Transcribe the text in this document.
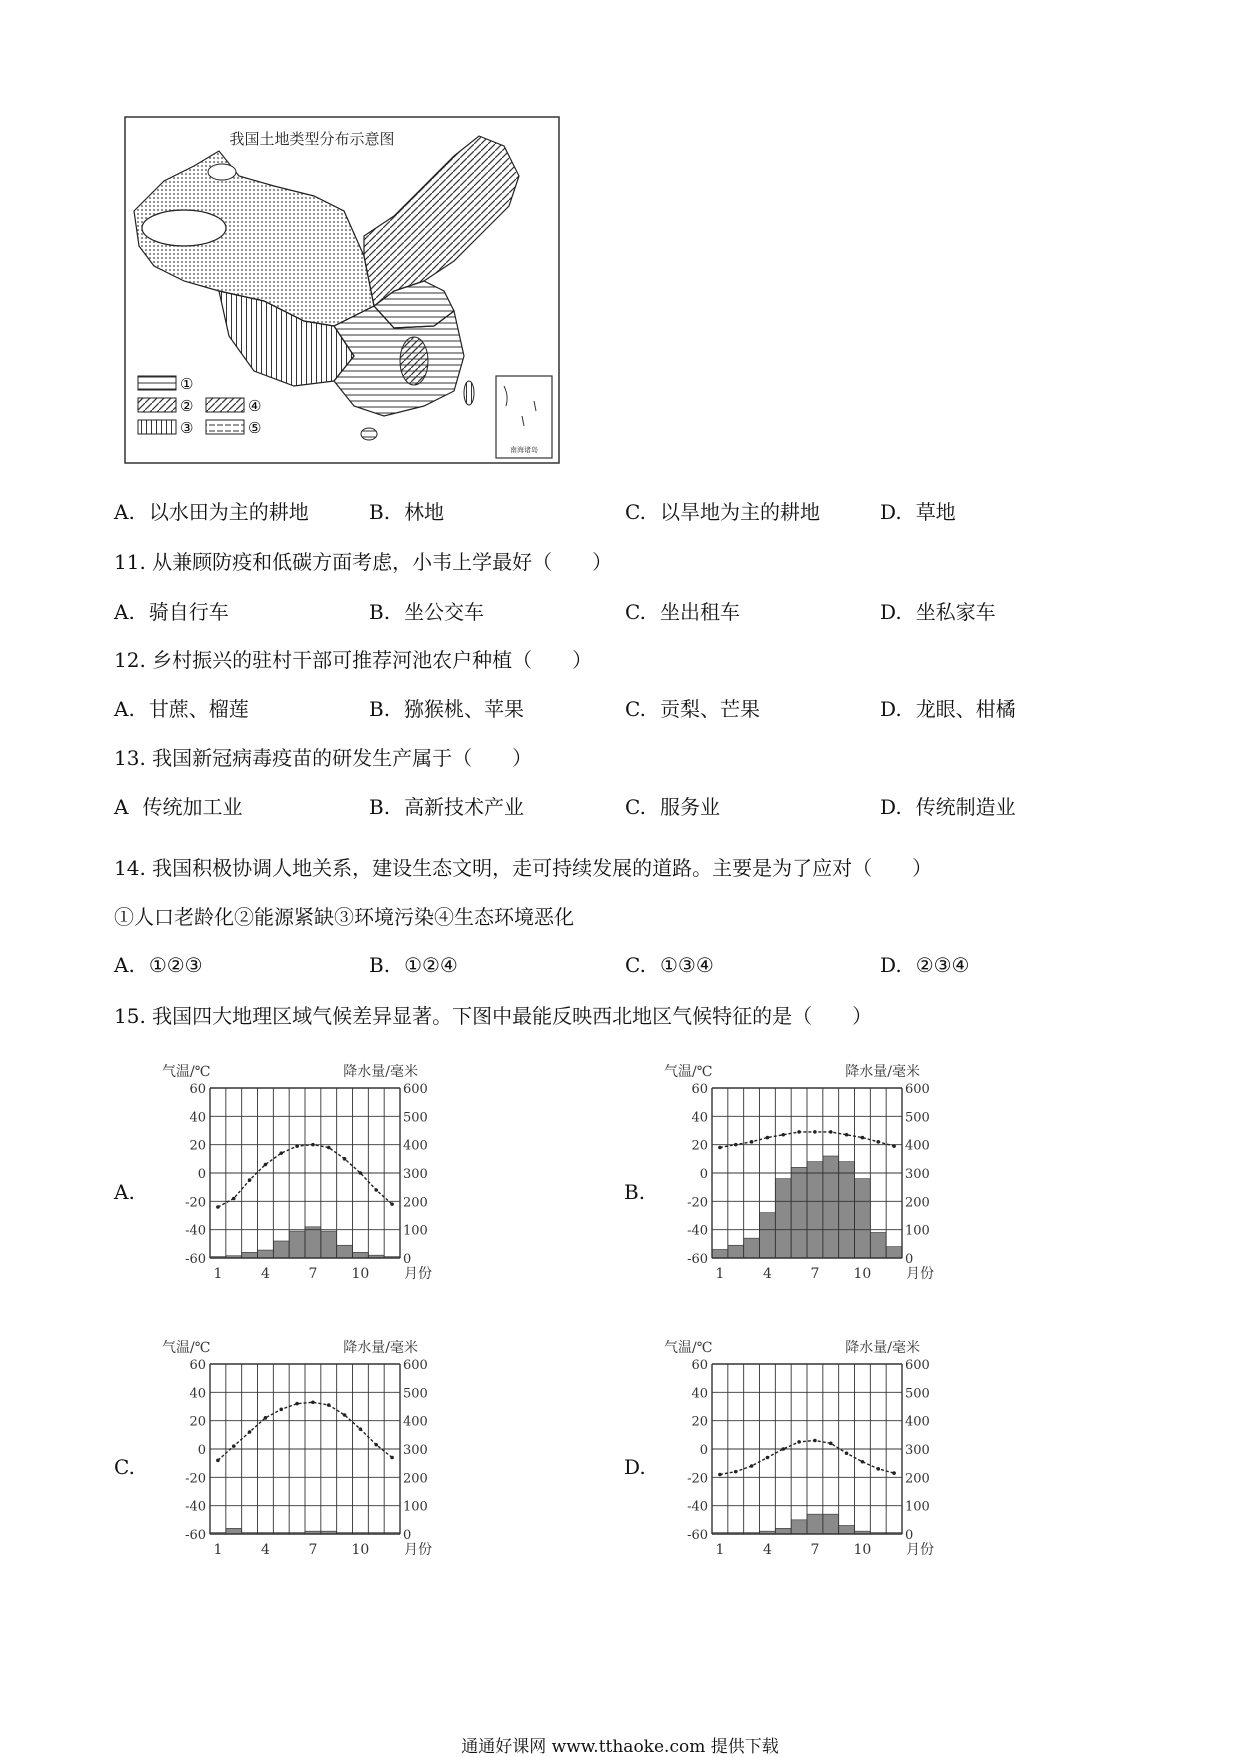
南海诸岛
我国土地类型分布示意图
①
②	④
③	⑤
A. 以水田为主的耕地	B. 林地	C. 以旱地为主的耕地	D. 草地
11. 从兼顾防疫和低碳方面考虑，小韦上学最好（　　）
A. 骑自行车	B. 坐公交车	C. 坐出租车	D. 坐私家车
12. 乡村振兴的驻村干部可推荐河池农户种植（　　）
A. 甘蔗、榴莲	B. 猕猴桃、苹果	C. 贡梨、芒果	D. 龙眼、柑橘
13. 我国新冠病毒疫苗的研发生产属于（　　）
A 传统加工业	B. 高新技术产业	C. 服务业	D. 传统制造业
14. 我国积极协调人地关系，建设生态文明，走可持续发展的道路。主要是为了应对（　　）
①人口老龄化②能源紧缺③环境污染④生态环境恶化
A. ①②③	B. ①②④	C. ①③④	D. ②③④
15. 我国四大地理区域气候差异显著。下图中最能反映西北地区气候特征的是（　　）
A.
气温/℃	降水量/毫米
60
40
20
0
-20
-40
-60
600
500
400
300
200
100
0
1	4	7 10 月份
B.
气温/℃	降水量/毫米
60
40
20
0
-20
-40
-60
600
500
400
300
200
100
0
1	4	7 10 月份
C.
气温/℃	降水量/毫米
60
40
20
0
-20
-40
-60
600
500
400
300
200
100
0
1	4	7 10 月份
D.
气温/℃	降水量/毫米
60
40
20
0
-20
-40
-60
600
500
400
300
200
100
0
1	4	7 10 月份
通通好课网 www.tthaoke.com 提供下载
